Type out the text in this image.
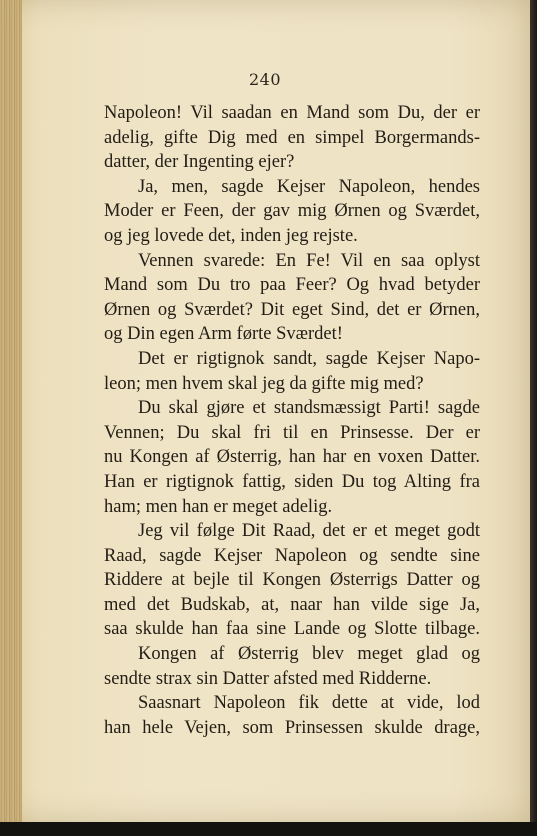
240
Napoleon! Vil saadan en Mand som Du, der er
adelig, gifte Dig med en simpel Borgermands-
datter, der Ingenting ejer?
Ja, men, sagde Kejser Napoleon, hendes
Moder er Feen, der gav mig Ørnen og Sværdet,
og jeg lovede det, inden jeg rejste.
Vennen svarede: En Fe! Vil en saa oplyst
Mand som Du tro paa Feer? Og hvad betyder
Ørnen og Sværdet? Dit eget Sind, det er Ørnen,
og Din egen Arm førte Sværdet!
Det er rigtignok sandt, sagde Kejser Napo-
leon; men hvem skal jeg da gifte mig med?
Du skal gjøre et standsmæssigt Parti! sagde
Vennen; Du skal fri til en Prinsesse. Der er
nu Kongen af Østerrig, han har en voxen Datter.
Han er rigtignok fattig, siden Du tog Alting fra
ham; men han er meget adelig.
Jeg vil følge Dit Raad, det er et meget godt
Raad, sagde Kejser Napoleon og sendte sine
Riddere at bejle til Kongen Østerrigs Datter og
med det Budskab, at, naar han vilde sige Ja,
saa skulde han faa sine Lande og Slotte tilbage.
Kongen af Østerrig blev meget glad og
sendte strax sin Datter afsted med Ridderne.
Saasnart Napoleon fik dette at vide, lod
han hele Vejen, som Prinsessen skulde drage,
